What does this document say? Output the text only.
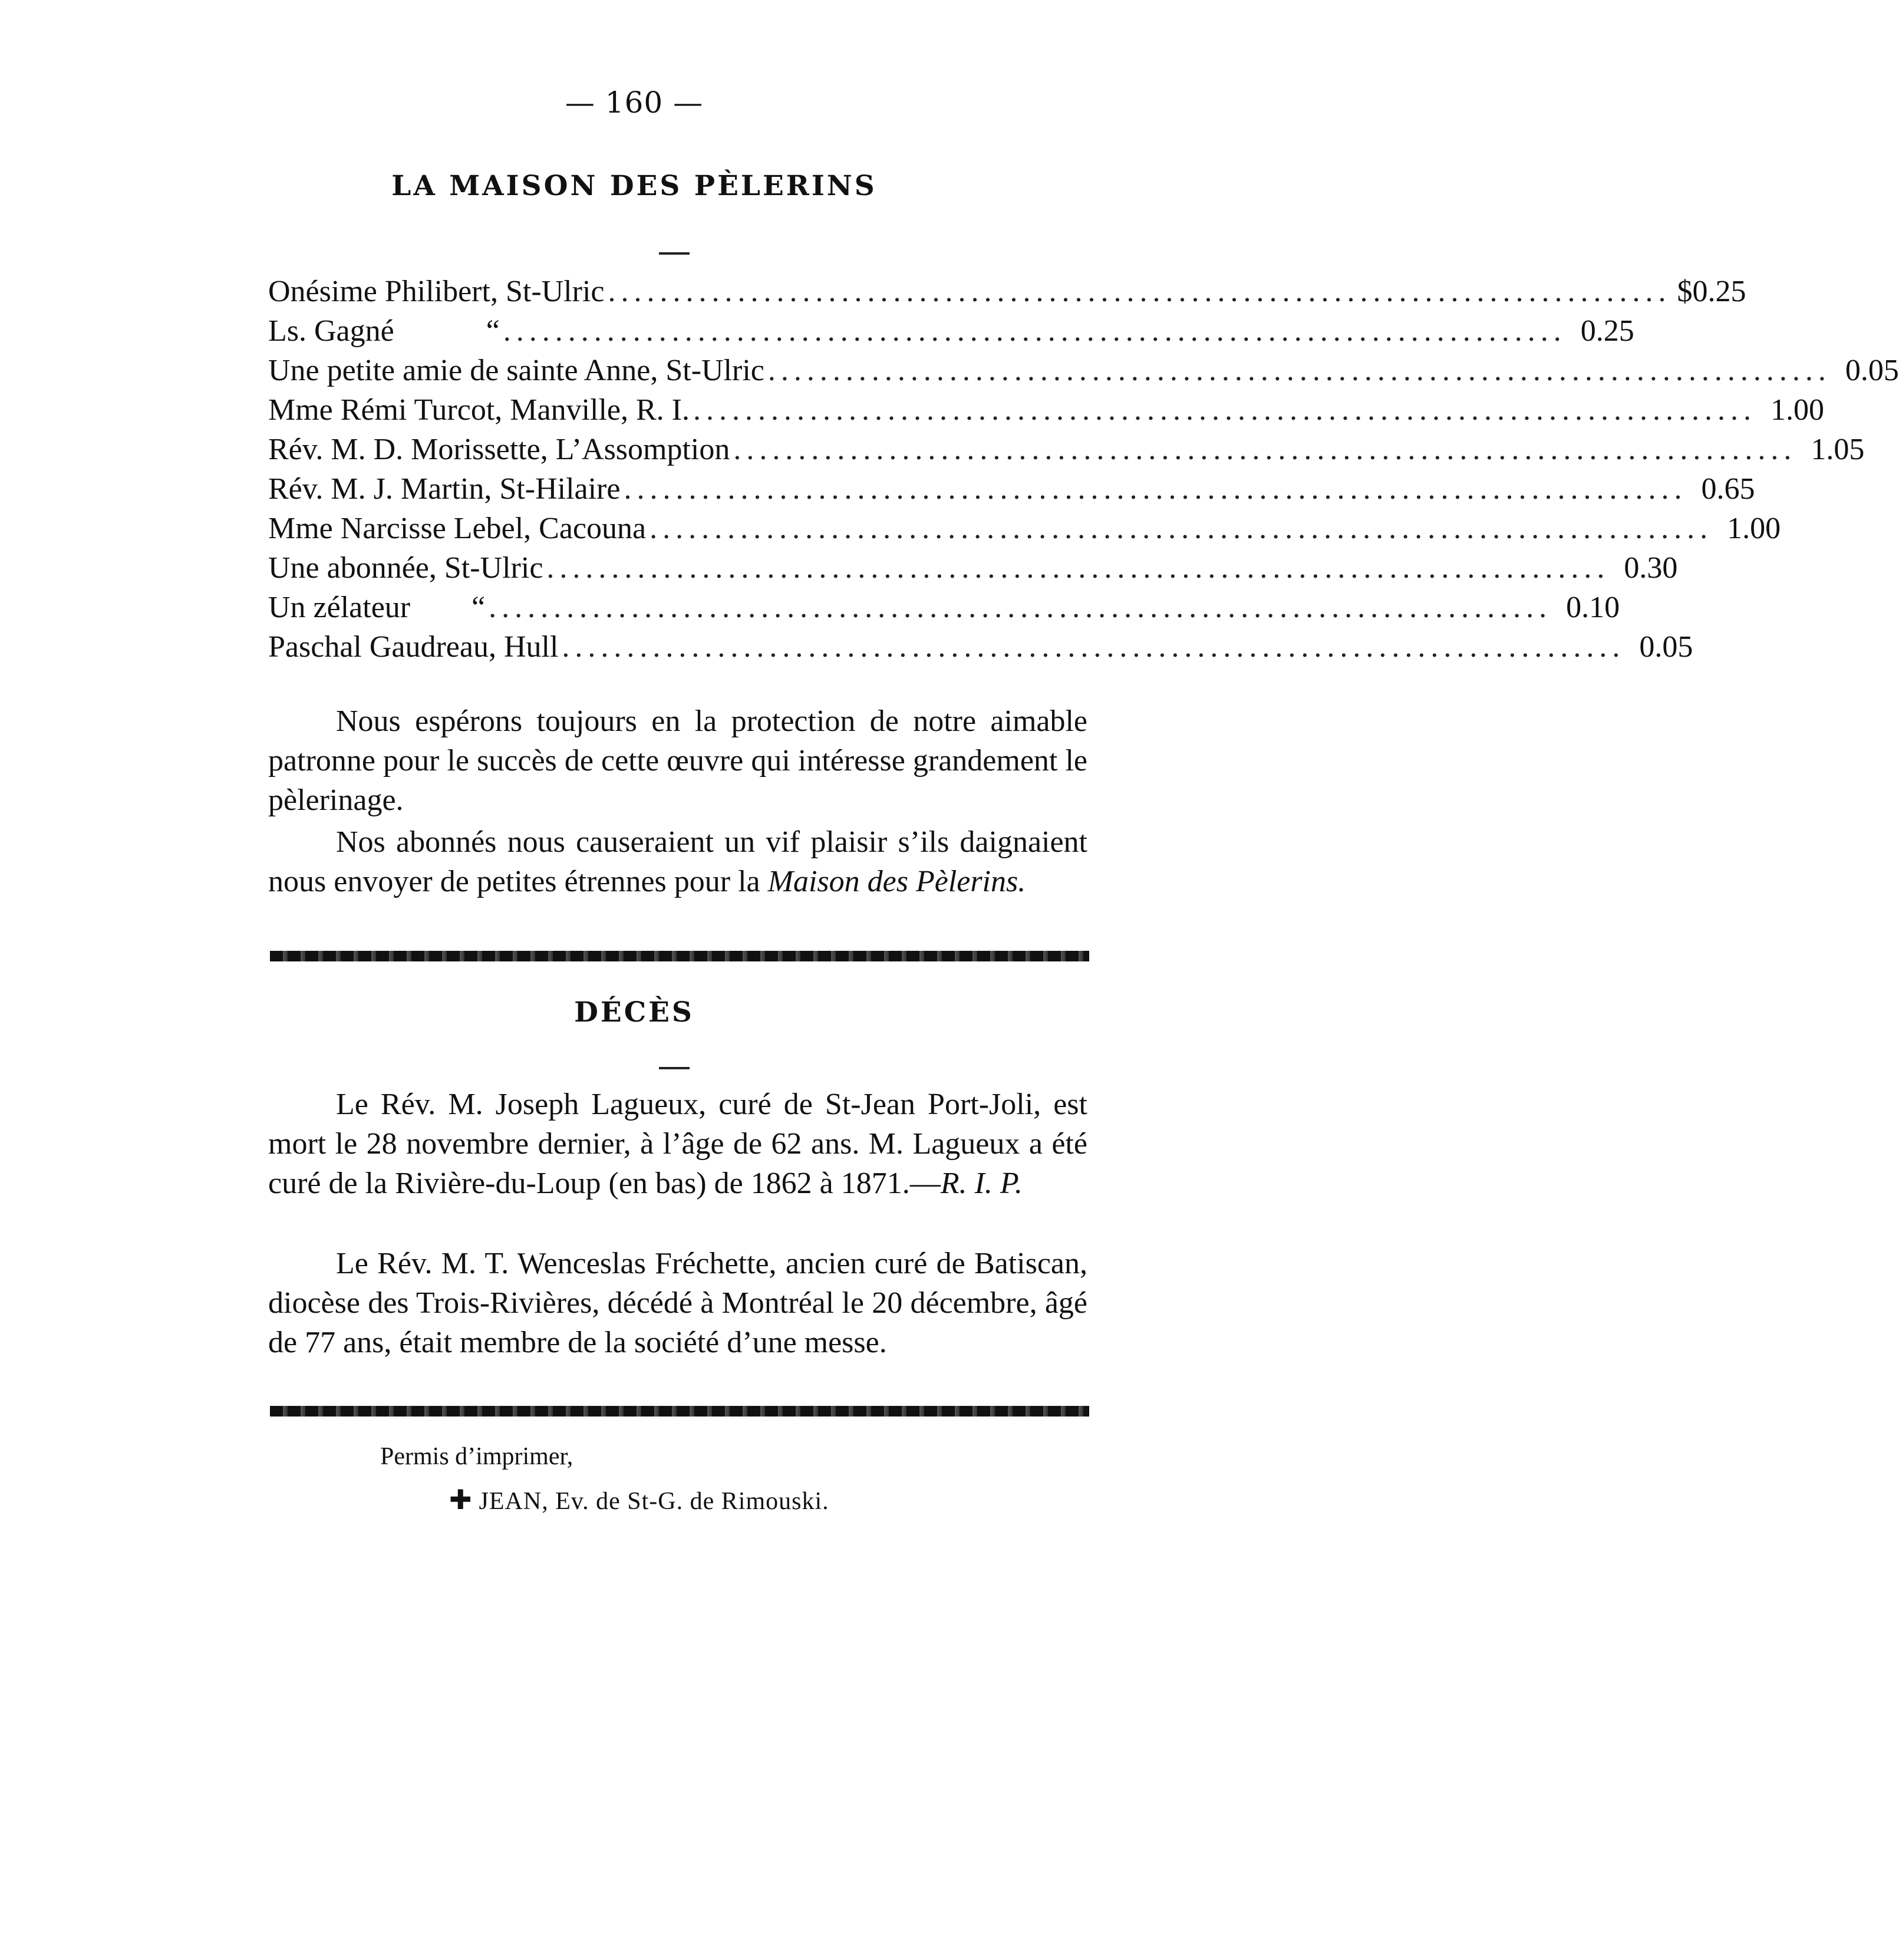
— 160 —
LA MAISON DES PÈLERINS
Onésime Philibert, St-Ulric .................................................................................. $0.25
Ls. Gagné            “ .................................................................................. 0.25
Une petite amie de sainte Anne, St-Ulric .................................................................................. 0.05
Mme Rémi Turcot, Manville, R. I. .................................................................................. 1.00
Rév. M. D. Morissette, L’Assomption .................................................................................. 1.05
Rév. M. J. Martin, St-Hilaire .................................................................................. 0.65
Mme Narcisse Lebel, Cacouna .................................................................................. 1.00
Une abonnée, St-Ulric .................................................................................. 0.30
Un zélateur        “ .................................................................................. 0.10
Paschal Gaudreau, Hull .................................................................................. 0.05

Nous espérons toujours en la protection de notre aimable patronne pour le succès de cette œuvre qui intéresse grandement le pèlerinage.

Nos abonnés nous causeraient un vif plaisir s’ils daignaient nous envoyer de petites étrennes pour la Maison des Pèlerins.

DÉCÈS

Le Rév. M. Joseph Lagueux, curé de St-Jean Port-Joli, est mort le 28 novembre dernier, à l’âge de 62 ans. M. Lagueux a été curé de la Rivière-du-Loup (en bas) de 1862 à 1871.—R. I. P.

Le Rév. M. T. Wenceslas Fréchette, ancien curé de Batiscan, diocèse des Trois-Rivières, décédé à Montréal le 20 décembre, âgé de 77 ans, était membre de la société d’une messe.

Permis d’imprimer,
✚ JEAN, Ev. de St-G. de Rimouski.
